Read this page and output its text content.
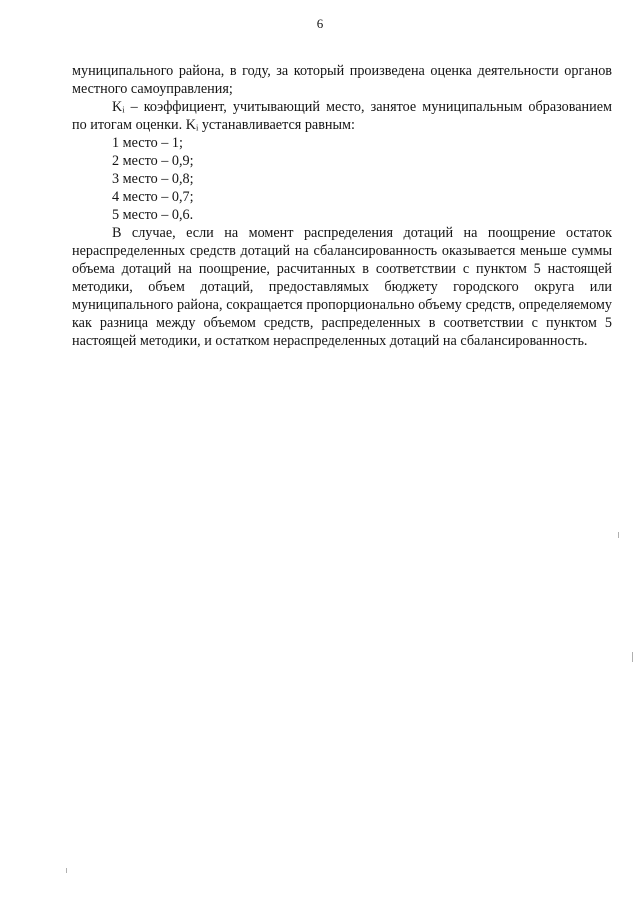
6

муниципального района, в году, за который произведена оценка деятельности органов местного самоуправления;

Kᵢ – коэффициент, учитывающий место, занятое муниципальным образованием по итогам оценки. Kᵢ устанавливается равным:

1 место – 1;

2 место – 0,9;

3 место – 0,8;

4 место – 0,7;

5 место – 0,6.

В случае, если на момент распределения дотаций на поощрение остаток нераспределенных средств дотаций на сбалансированность оказывается меньше суммы объема дотаций на поощрение, расчитанных в соответствии с пунктом 5 настоящей методики, объем дотаций, предоставлямых бюджету городского округа или муниципального района, сокращается пропорционально объему средств, определяемому как разница между объемом средств, распределенных в соответствии с пунктом 5 настоящей методики, и остатком нераспределенных дотаций на сбалансированность.
